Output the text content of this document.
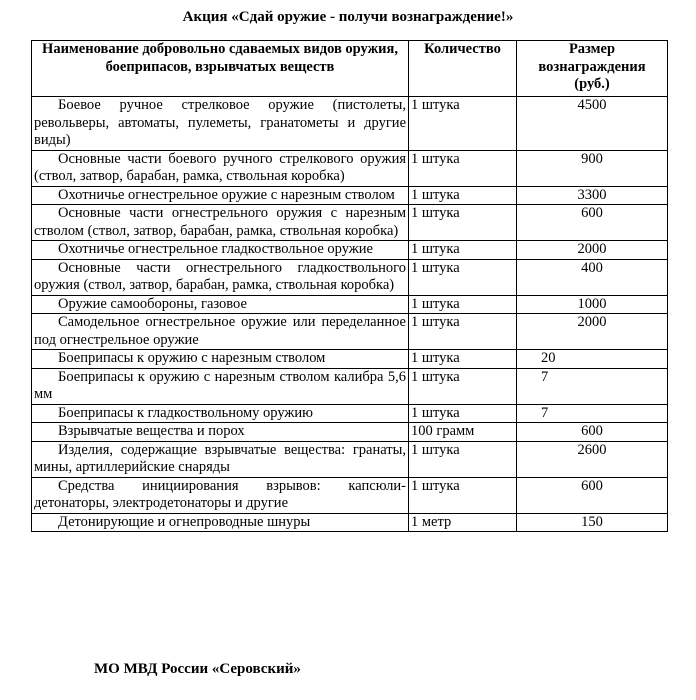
Акция «Сдай оружие - получи вознаграждение!»
Наименование добровольно сдаваемых видов оружия, боеприпасов, взрывчатых веществ	Количество	Размер вознаграждения (руб.)
Боевое ручное стрелковое оружие (пистолеты, револьверы, автоматы, пулеметы, гранатометы и другие виды)	1 штука	4500
Основные части боевого ручного стрелкового оружия (ствол, затвор, барабан, рамка, ствольная коробка)	1 штука	900
Охотничье огнестрельное оружие с нарезным стволом	1 штука	3300
Основные части огнестрельного оружия с нарезным стволом (ствол, затвор, барабан, рамка, ствольная коробка)	1 штука	600
Охотничье огнестрельное гладкоствольное оружие	1 штука	2000
Основные части огнестрельного гладкоствольного оружия (ствол, затвор, барабан, рамка, ствольная коробка)	1 штука	400
Оружие самообороны, газовое	1 штука	1000
Самодельное огнестрельное оружие или переделанное под огнестрельное оружие	1 штука	2000
Боеприпасы к оружию с нарезным стволом	1 штука	20
Боеприпасы к оружию с нарезным стволом калибра 5,6 мм	1 штука	7
Боеприпасы к гладкоствольному оружию	1 штука	7
Взрывчатые вещества и порох	100 грамм	600
Изделия, содержащие взрывчатые вещества: гранаты, мины, артиллерийские снаряды	1 штука	2600
Средства инициирования взрывов: капсюли-детонаторы, электродетонаторы и другие	1 штука	600
Детонирующие и огнепроводные шнуры	1 метр	150
МО МВД России «Серовский»
